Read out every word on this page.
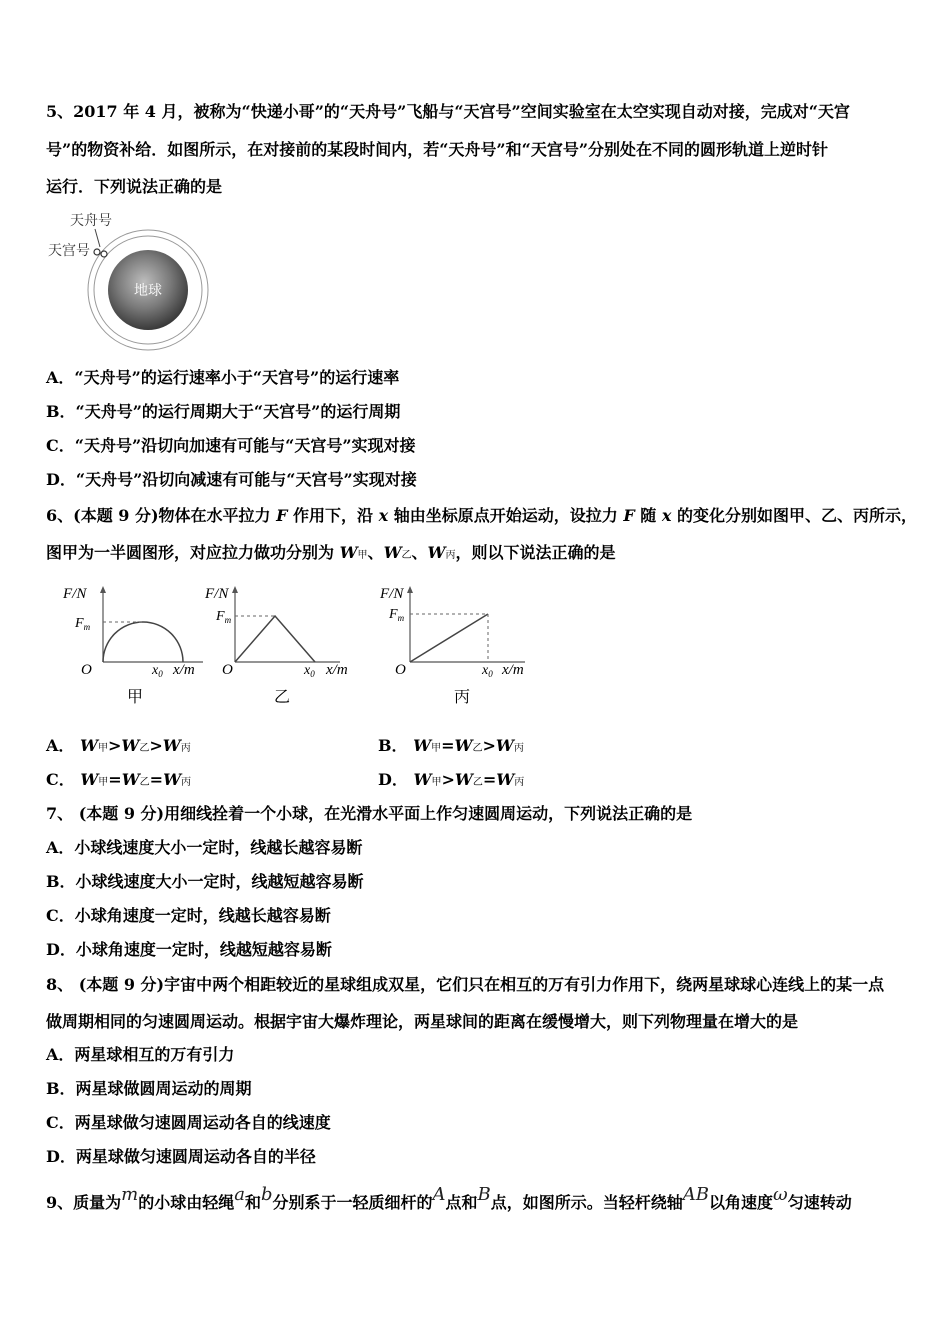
5、2017 年 4 月，被称为“快递小哥”的“天舟号”飞船与“天宫号”空间实验室在太空实现自动对接，完成对“天宫
号”的物资补给．如图所示，在对接前的某段时间内，若“天舟号”和“天宫号”分别处在不同的圆形轨道上逆时针
运行．下列说法正确的是
地球
天舟号
天宫号
A．“天舟号”的运行速率小于“天宫号”的运行速率
B．“天舟号”的运行周期大于“天宫号”的运行周期
C．“天舟号”沿切向加速有可能与“天宫号”实现对接
D．“天舟号”沿切向减速有可能与“天宫号”实现对接
6、(本题 9 分)物体在水平拉力 F 作用下，沿 x 轴由坐标原点开始运动，设拉力 F 随 x 的变化分别如图甲、乙、丙所示，
图甲为一半圆图形，对应拉力做功分别为 W甲、W乙、W丙，则以下说法正确的是
F/N
$F_m$
O	$x_0$ x/m
甲
F/N
$F_m$
O	$x_0$ x/m
乙
F/N
$F_m$
O	$x_0$ x/m
丙
A． W甲>W乙>W丙	B． W甲=W乙>W丙
C． W甲=W乙=W丙	D． W甲>W乙=W丙
7、 (本题 9 分)用细线拴着一个小球，在光滑水平面上作匀速圆周运动，下列说法正确的是
A．小球线速度大小一定时，线越长越容易断
B．小球线速度大小一定时，线越短越容易断
C．小球角速度一定时，线越长越容易断
D．小球角速度一定时，线越短越容易断
8、 (本题 9 分)宇宙中两个相距较近的星球组成双星，它们只在相互的万有引力作用下，绕两星球球心连线上的某一点
做周期相同的匀速圆周运动。根据宇宙大爆炸理论，两星球间的距离在缓慢增大，则下列物理量在增大的是
A．两星球相互的万有引力
B．两星球做圆周运动的周期
C．两星球做匀速圆周运动各自的线速度
D．两星球做匀速圆周运动各自的半径
9、质量为m的小球由轻绳a和b分别系于一轻质细杆的A点和B点，如图所示。当轻杆绕轴AB以角速度ω匀速转动
